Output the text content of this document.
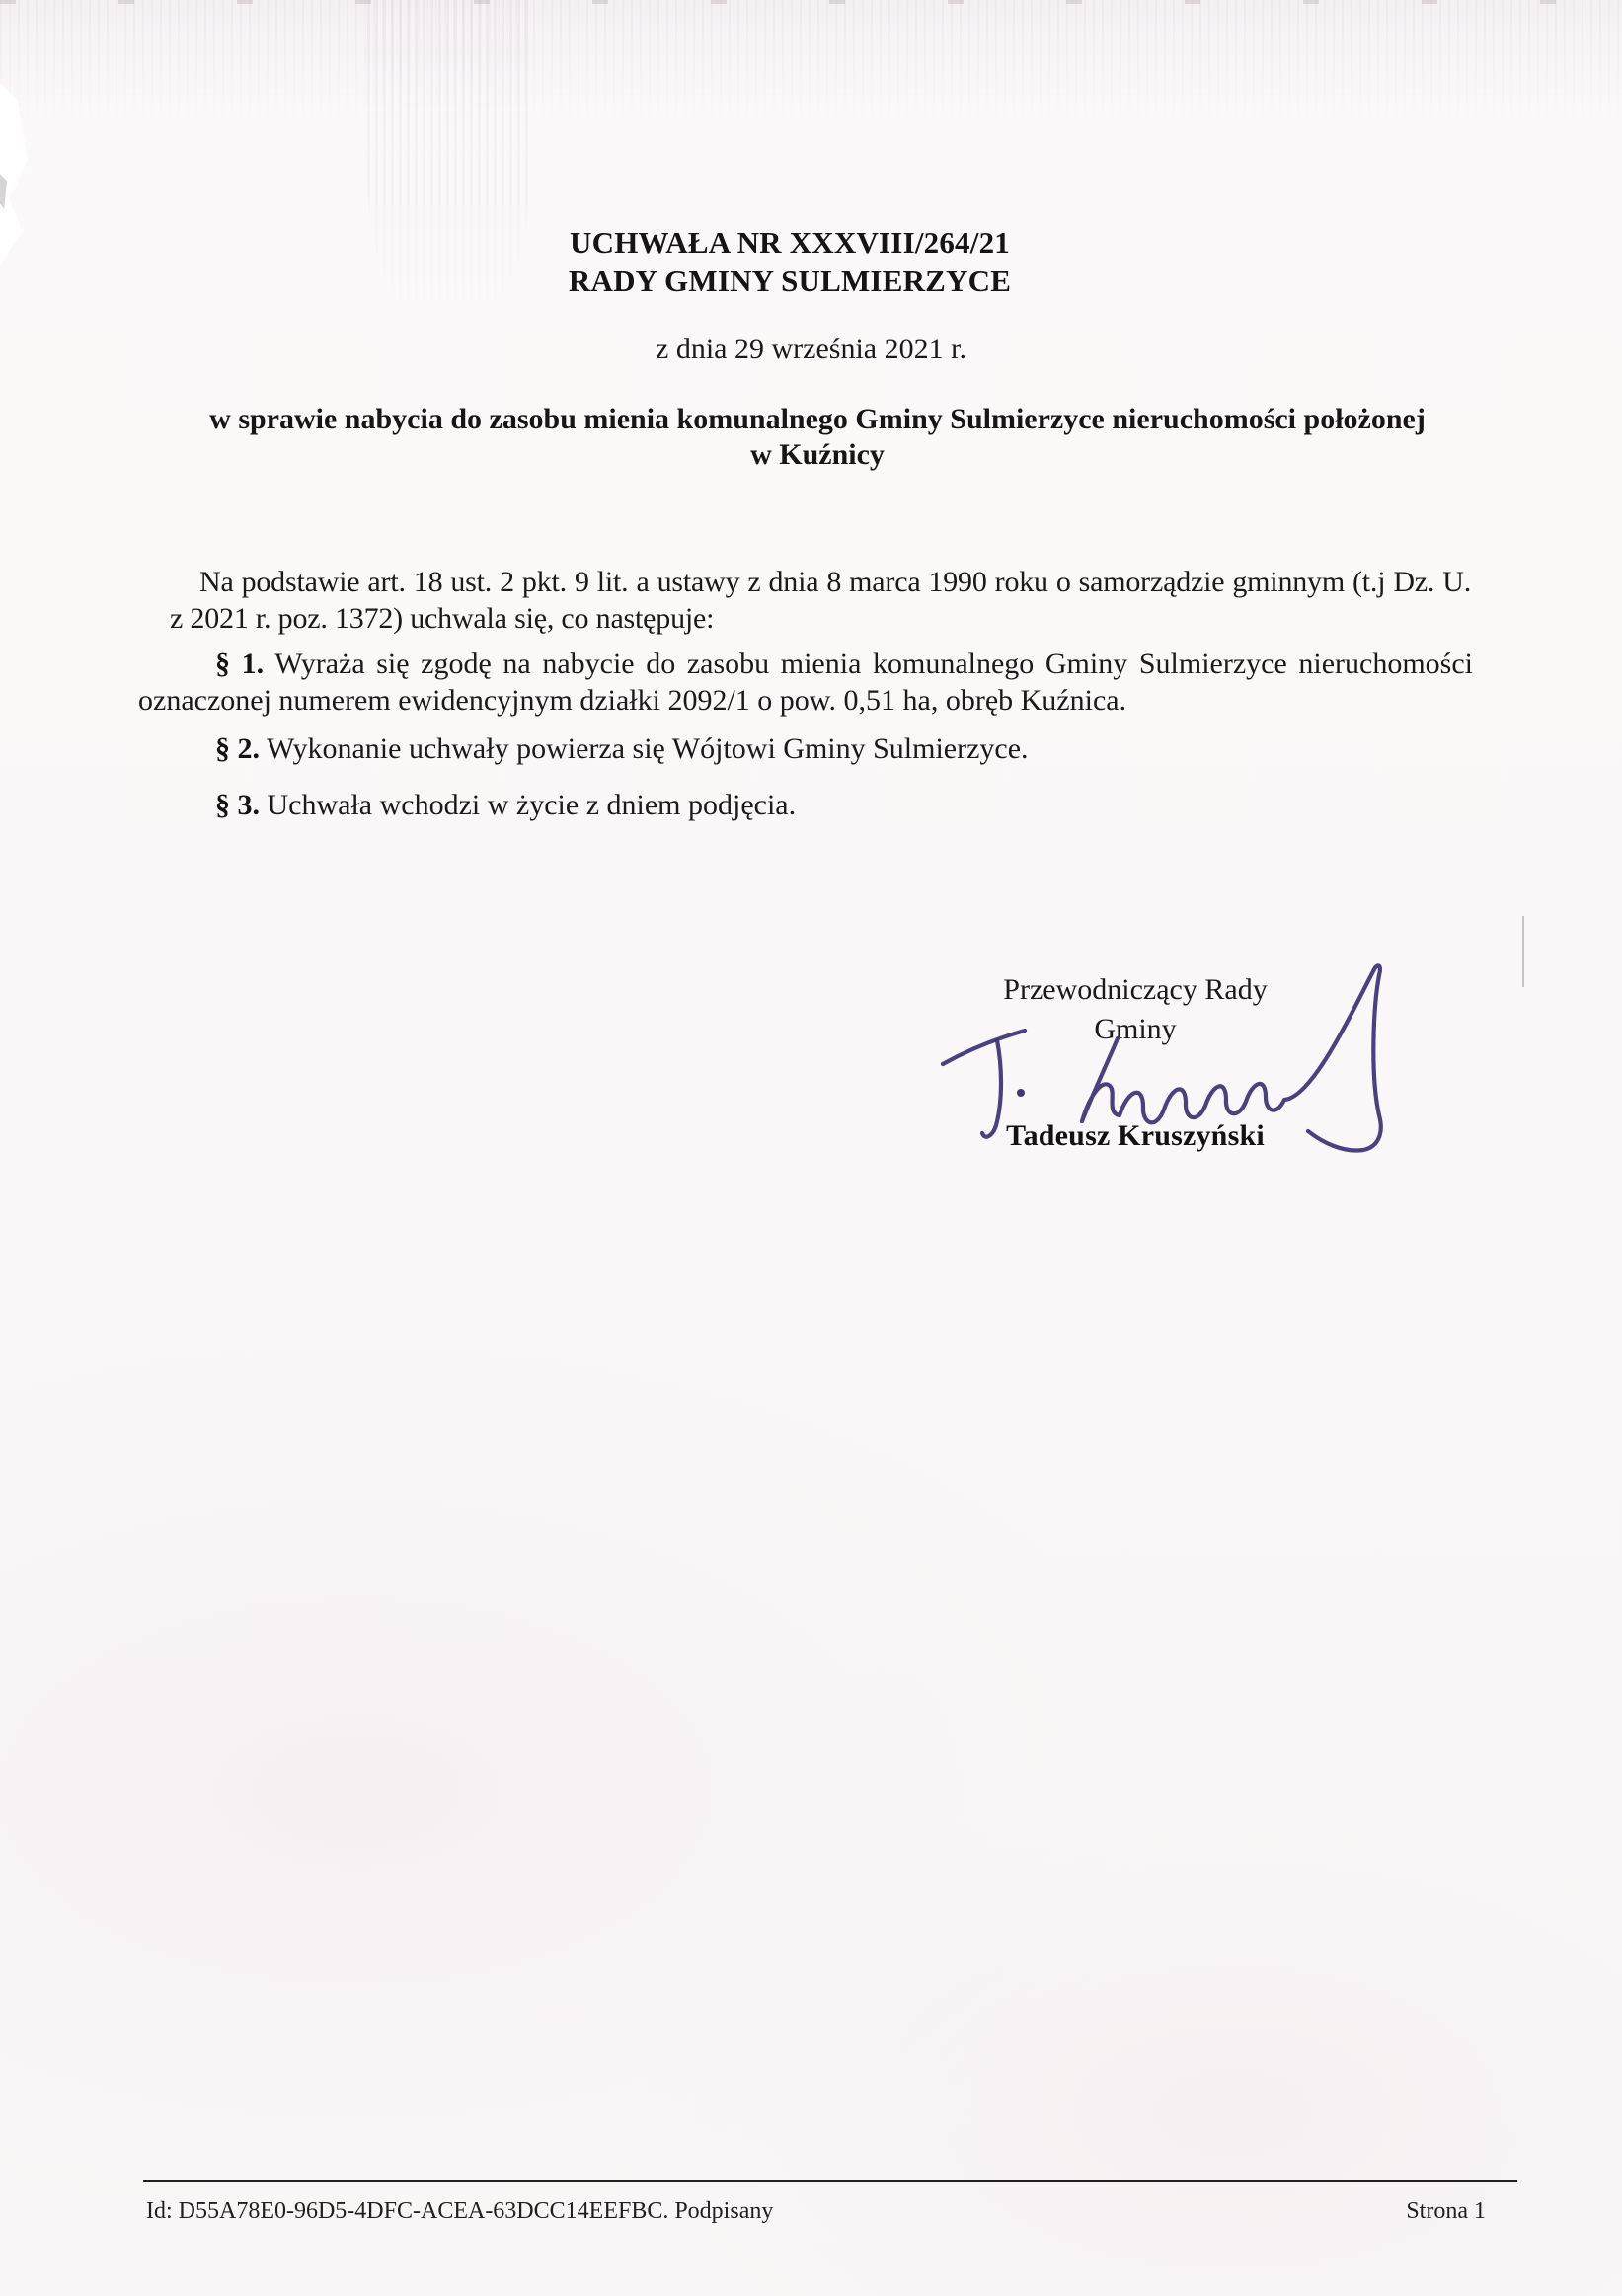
UCHWAŁA NR XXXVIII/264/21
RADY GMINY SULMIERZYCE
z dnia 29 września 2021 r.
w sprawie nabycia do zasobu mienia komunalnego Gminy Sulmierzyce nieruchomości położonej
w Kuźnicy

Na podstawie art. 18 ust. 2 pkt. 9 lit. a ustawy z dnia 8 marca 1990 roku o samorządzie gminnym (t.j Dz. U. z 2021 r. poz. 1372) uchwala się, co następuje:

§ 1. Wyraża się zgodę na nabycie do zasobu mienia komunalnego Gminy Sulmierzyce nieruchomości oznaczonej numerem ewidencyjnym działki 2092/1 o pow. 0,51 ha, obręb Kuźnica.

§ 2. Wykonanie uchwały powierza się Wójtowi Gminy Sulmierzyce.

§ 3. Uchwała wchodzi w życie z dniem podjęcia.

Przewodniczący Rady
Gminy
Tadeusz Kruszyński
Id: D55A78E0-96D5-4DFC-ACEA-63DCC14EEFBC. Podpisany	Strona 1
